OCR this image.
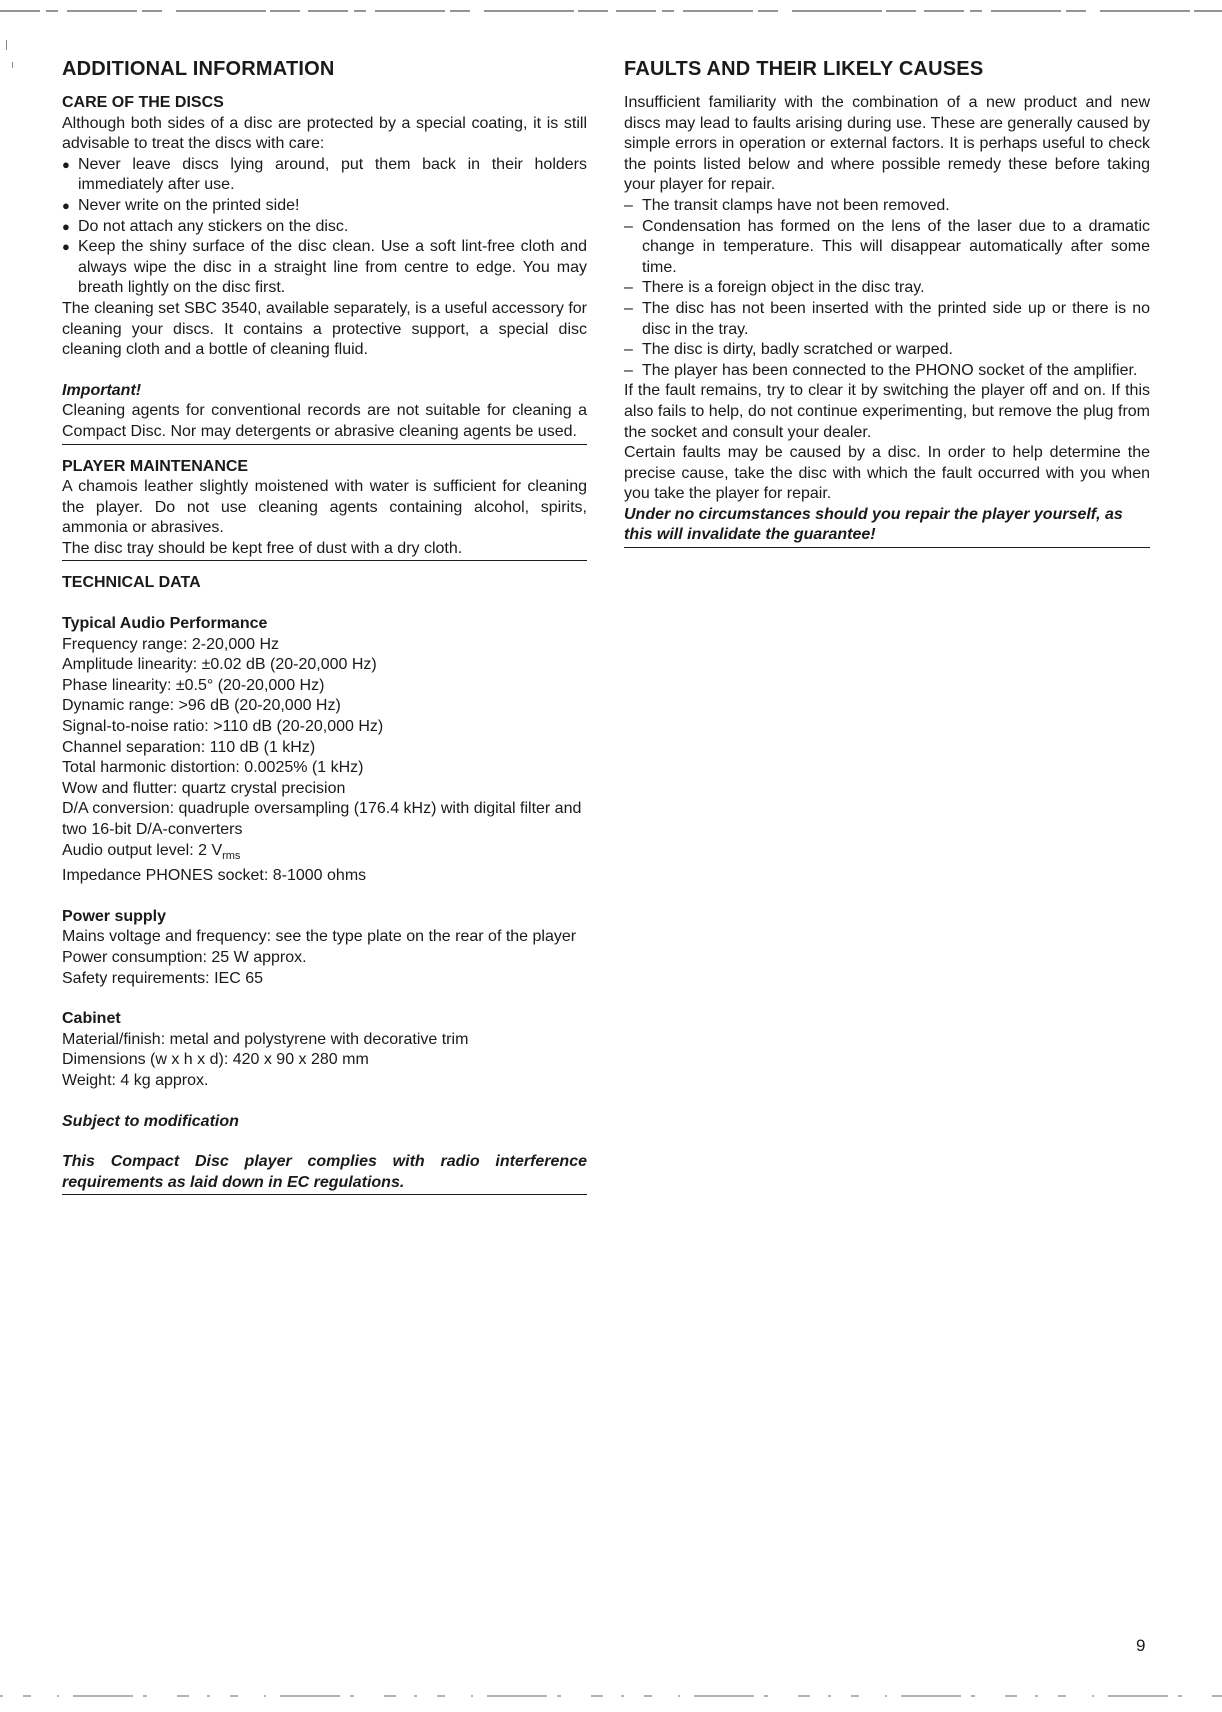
ADDITIONAL INFORMATION
CARE OF THE DISCS

Although both sides of a disc are protected by a special coating, it is still advisable to treat the discs with care:

● Never leave discs lying around, put them back in their holders immediately after use.
● Never write on the printed side!
● Do not attach any stickers on the disc.
● Keep the shiny surface of the disc clean. Use a soft lint-free cloth and always wipe the disc in a straight line from centre to edge. You may breath lightly on the disc first.

The cleaning set SBC 3540, available separately, is a useful accessory for cleaning your discs. It contains a protective support, a special disc cleaning cloth and a bottle of cleaning fluid.

Important!

Cleaning agents for conventional records are not suitable for cleaning a Compact Disc. Nor may detergents or abrasive cleaning agents be used.

PLAYER MAINTENANCE

A chamois leather slightly moistened with water is sufficient for cleaning the player. Do not use cleaning agents containing alcohol, spirits, ammonia or abrasives.

The disc tray should be kept free of dust with a dry cloth.

TECHNICAL DATA
Typical Audio Performance

Frequency range: 2-20,000 Hz

Amplitude linearity: ±0.02 dB (20-20,000 Hz)

Phase linearity: ±0.5° (20-20,000 Hz)

Dynamic range: >96 dB (20-20,000 Hz)

Signal-to-noise ratio: >110 dB (20-20,000 Hz)

Channel separation: 110 dB (1 kHz)

Total harmonic distortion: 0.0025% (1 kHz)

Wow and flutter: quartz crystal precision

D/A conversion: quadruple oversampling (176.4 kHz) with digital filter and two 16-bit D/A-converters

Audio output level: 2 $V_{rms}$

Impedance PHONES socket: 8-1000 ohms

Power supply

Mains voltage and frequency: see the type plate on the rear of the player

Power consumption: 25 W approx.

Safety requirements: IEC 65

Cabinet

Material/finish: metal and polystyrene with decorative trim

Dimensions (w x h x d): 420 x 90 x 280 mm

Weight: 4 kg approx.

Subject to modification

This Compact Disc player complies with radio interference requirements as laid down in EC regulations.

FAULTS AND THEIR LIKELY CAUSES

Insufficient familiarity with the combination of a new product and new discs may lead to faults arising during use. These are generally caused by simple errors in operation or external factors. It is perhaps useful to check the points listed below and where possible remedy these before taking your player for repair.

– The transit clamps have not been removed.
– Condensation has formed on the lens of the laser due to a dramatic change in temperature. This will disappear automatically after some time.
– There is a foreign object in the disc tray.
– The disc has not been inserted with the printed side up or there is no disc in the tray.
– The disc is dirty, badly scratched or warped.
– The player has been connected to the PHONO socket of the amplifier.

If the fault remains, try to clear it by switching the player off and on. If this also fails to help, do not continue experimenting, but remove the plug from the socket and consult your dealer.

Certain faults may be caused by a disc. In order to help determine the precise cause, take the disc with which the fault occurred with you when you take the player for repair.

Under no circumstances should you repair the player yourself, as this will invalidate the guarantee!

9
